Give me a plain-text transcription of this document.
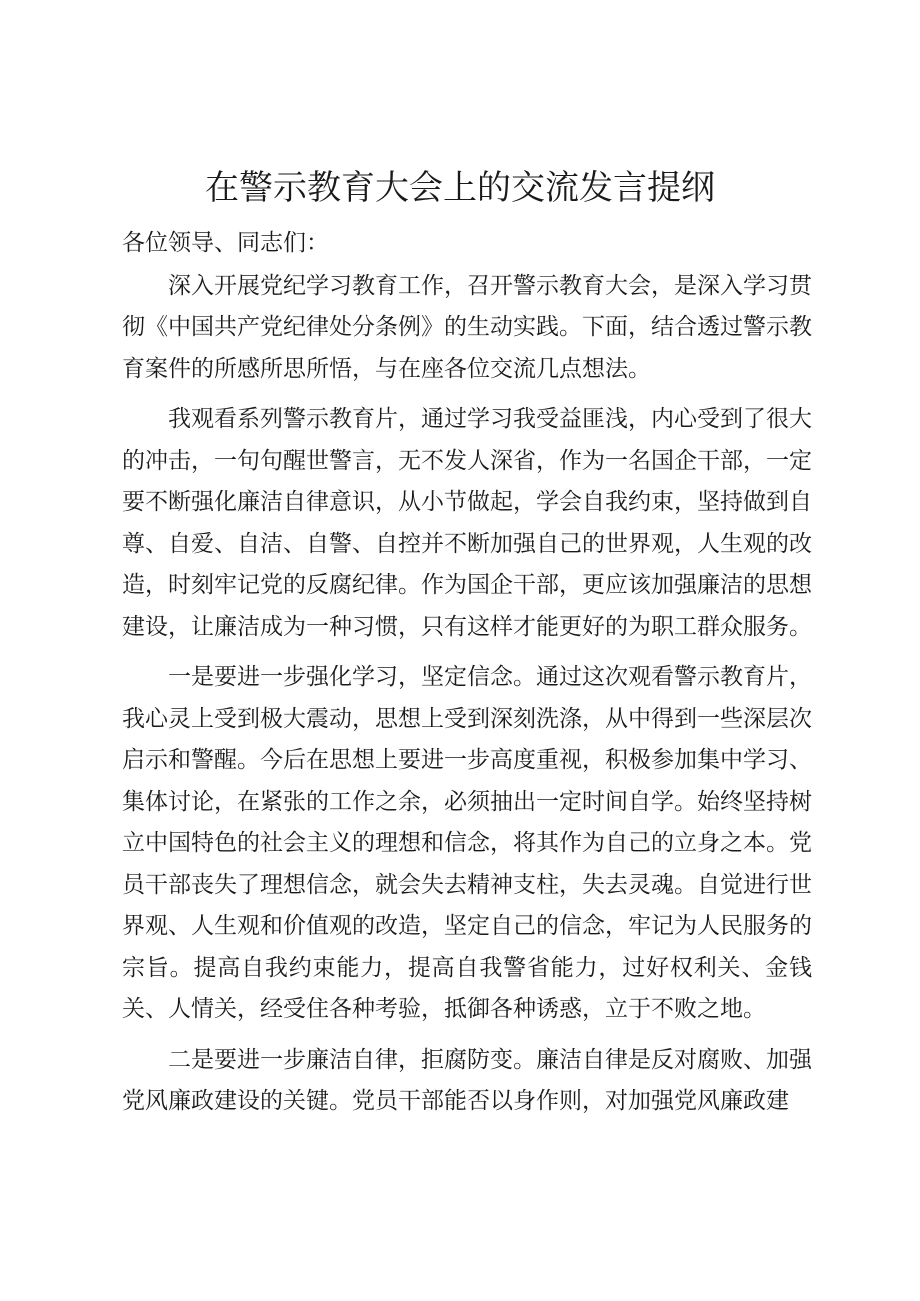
在警示教育大会上的交流发言提纲

各位领导、同志们：

深入开展党纪学习教育工作，召开警示教育大会，是深入学习贯彻《中国共产党纪律处分条例》的生动实践。下面，结合透过警示教育案件的所感所思所悟，与在座各位交流几点想法。

我观看系列警示教育片，通过学习我受益匪浅，内心受到了很大的冲击，一句句醒世警言，无不发人深省，作为一名国企干部，一定要不断强化廉洁自律意识，从小节做起，学会自我约束，坚持做到自尊、自爱、自洁、自警、自控并不断加强自己的世界观，人生观的改造，时刻牢记党的反腐纪律。作为国企干部，更应该加强廉洁的思想建设，让廉洁成为一种习惯，只有这样才能更好的为职工群众服务。

一是要进一步强化学习，坚定信念。通过这次观看警示教育片，我心灵上受到极大震动，思想上受到深刻洗涤，从中得到一些深层次启示和警醒。今后在思想上要进一步高度重视，积极参加集中学习、集体讨论，在紧张的工作之余，必须抽出一定时间自学。始终坚持树立中国特色的社会主义的理想和信念，将其作为自己的立身之本。党员干部丧失了理想信念，就会失去精神支柱，失去灵魂。自觉进行世界观、人生观和价值观的改造，坚定自己的信念，牢记为人民服务的宗旨。提高自我约束能力，提高自我警省能力，过好权利关、金钱关、人情关，经受住各种考验，抵御各种诱惑，立于不败之地。

二是要进一步廉洁自律，拒腐防变。廉洁自律是反对腐败、加强党风廉政建设的关键。党员干部能否以身作则，对加强党风廉政建
